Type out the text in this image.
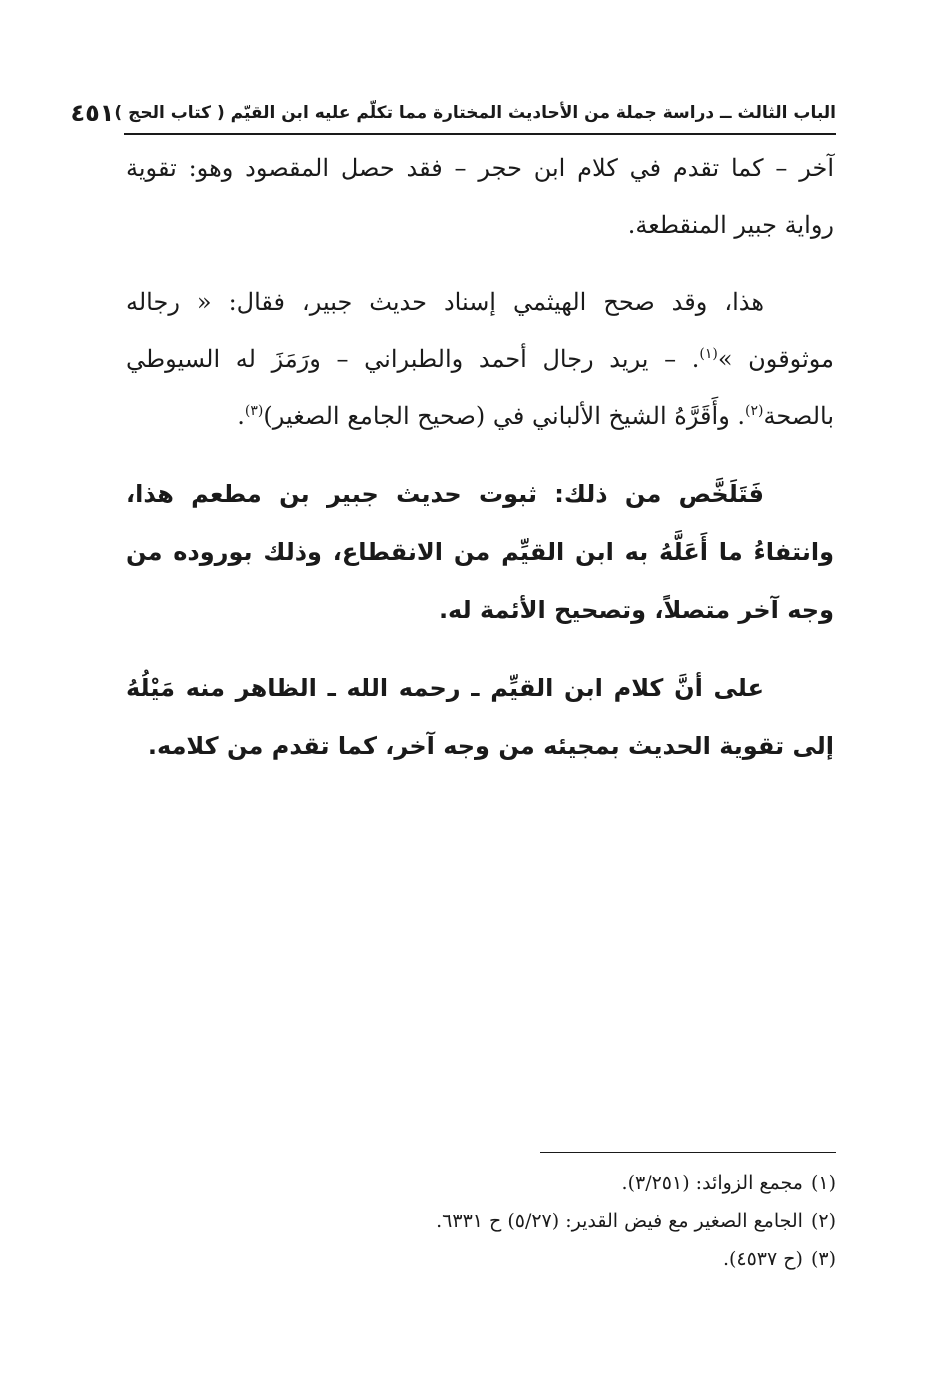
الباب الثالث ــ دراسة جملة من الأحاديث المختارة مما تكلّم عليه ابن القيّم ( كتاب الحج )
٤٥١

آخر – كما تقدم في كلام ابن حجر – فقد حصل المقصود وهو: تقوية رواية جبير المنقطعة.

هذا، وقد صحح الهيثمي إسناد حديث جبير، فقال: « رجاله موثوقون »$^{(١)}$. – يريد رجال أحمد والطبراني – ورَمَزَ له السيوطي بالصحة$^{(٢)}$. وأَقَرَّهُ الشيخ الألباني في (صحيح الجامع الصغير)$^{(٣)}$.

فَتَلَخَّص من ذلك: ثبوت حديث جبير بن مطعم هذا، وانتفاءُ ما أَعَلَّهُ به ابن القيِّم من الانقطاع، وذلك بوروده من وجه آخر متصلاً، وتصحيح الأئمة له.

على أنَّ كلام ابن القيِّم ـ رحمه الله ـ الظاهر منه مَيْلُهُ إلى تقوية الحديث بمجيئه من وجه آخر، كما تقدم من كلامه.

(١)مجمع الزوائد: (٣/٢٥١).
(٢)الجامع الصغير مع فيض القدير: (٥/٢٧) ح ٦٣٣١.
(٣)(ح ٤٥٣٧).
